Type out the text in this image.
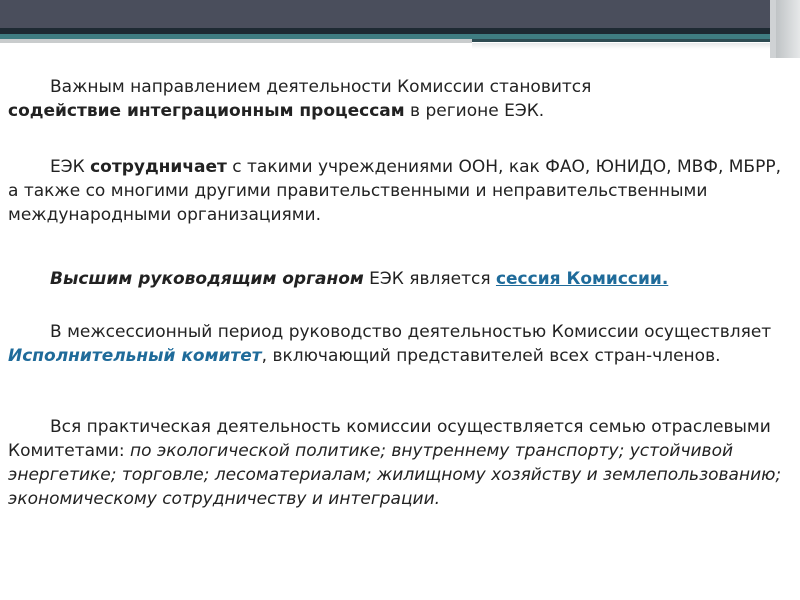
Важным направлением деятельности Комиссии становится
содействие интеграционным процессам в регионе ЕЭК.

ЕЭК сотрудничает с такими учреждениями ООН, как ФАО, ЮНИДО, МВФ, МБРР, а также со многими другими правительственными и неправительственными международными организациями.

Высшим руководящим органом ЕЭК является сессия Комиссии.

В межсессионный период руководство деятельностью Комиссии осуществляет Исполнительный комитет, включающий представителей всех стран-членов.

Вся практическая деятельность комиссии осуществляется семью отраслевыми Комитетами: по экологической политике; внутреннему транспорту; устойчивой энергетике; торговле; лесоматериалам; жилищному хозяйству и землепользованию; экономическому сотрудничеству и интеграции.
